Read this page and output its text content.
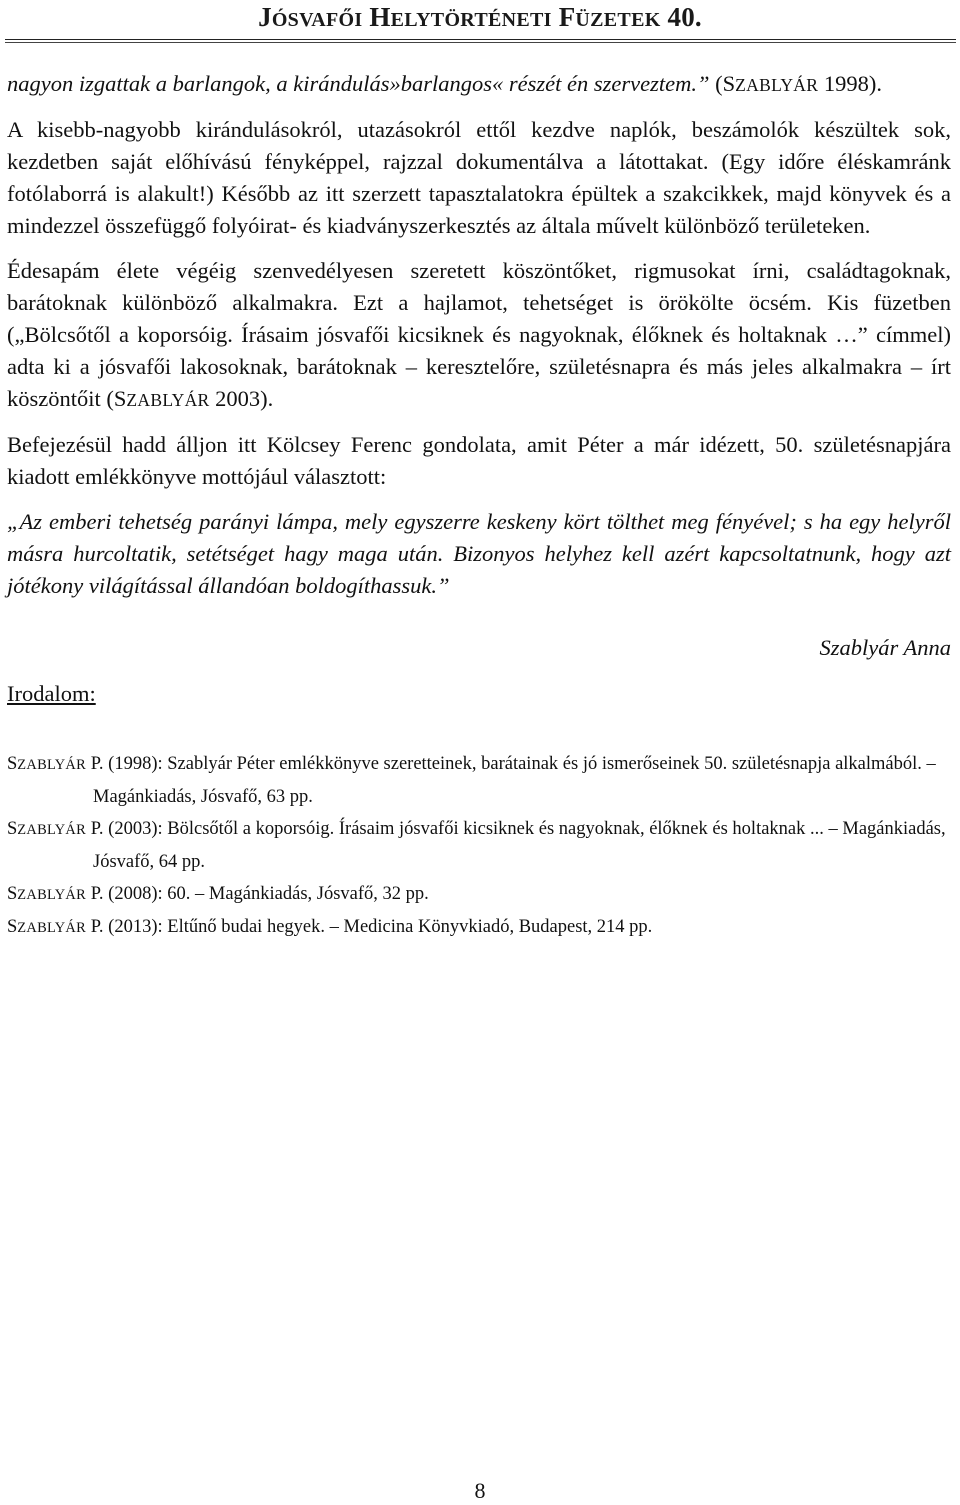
JÓSVAFŐI HELYTÖRTÉNETI FÜZETEK 40.

nagyon izgattak a barlangok, a kirándulás»barlangos« részét én szerveztem.” (SZABLYÁR 1998).

A kisebb-nagyobb kirándulásokról, utazásokról ettől kezdve naplók, beszámolók készültek sok, kezdetben saját előhívású fényképpel, rajzzal dokumentálva a látottakat. (Egy időre éléskamránk fotólaborrá is alakult!) Később az itt szerzett tapasztalatokra épültek a szakcikkek, majd könyvek és a mindezzel összefüggő folyóirat- és kiadványszerkesztés az általa művelt különböző területeken.

Édesapám élete végéig szenvedélyesen szeretett köszöntőket, rigmusokat írni, családtagoknak, barátoknak különböző alkalmakra. Ezt a hajlamot, tehetséget is örökölte öcsém. Kis füzetben („Bölcsőtől a koporsóig. Írásaim jósvafői kicsiknek és nagyoknak, élőknek és holtaknak …” címmel) adta ki a jósvafői lakosoknak, barátoknak – keresztelőre, születésnapra és más jeles alkalmakra – írt köszöntőit (SZABLYÁR 2003).

Befejezésül hadd álljon itt Kölcsey Ferenc gondolata, amit Péter a már idézett, 50. születésnapjára kiadott emlékkönyve mottójául választott:

„Az emberi tehetség parányi lámpa, mely egyszerre keskeny kört tölthet meg fényével; s ha egy helyről másra hurcoltatik, setétséget hagy maga után. Bizonyos helyhez kell azért kapcsoltatnunk, hogy azt jótékony világítással állandóan boldogíthassuk.”

Szablyár Anna

Irodalom:

SZABLYÁR P. (1998): Szablyár Péter emlékkönyve szeretteinek, barátainak és jó ismerőseinek 50. születésnapja alkalmából. – Magánkiadás, Jósvafő, 63 pp.

SZABLYÁR P. (2003): Bölcsőtől a koporsóig. Írásaim jósvafői kicsiknek és nagyoknak, élőknek és holtaknak ... – Magánkiadás, Jósvafő, 64 pp.

SZABLYÁR P. (2008): 60. – Magánkiadás, Jósvafő, 32 pp.

SZABLYÁR P. (2013): Eltűnő budai hegyek. – Medicina Könyvkiadó, Budapest, 214 pp.

8
